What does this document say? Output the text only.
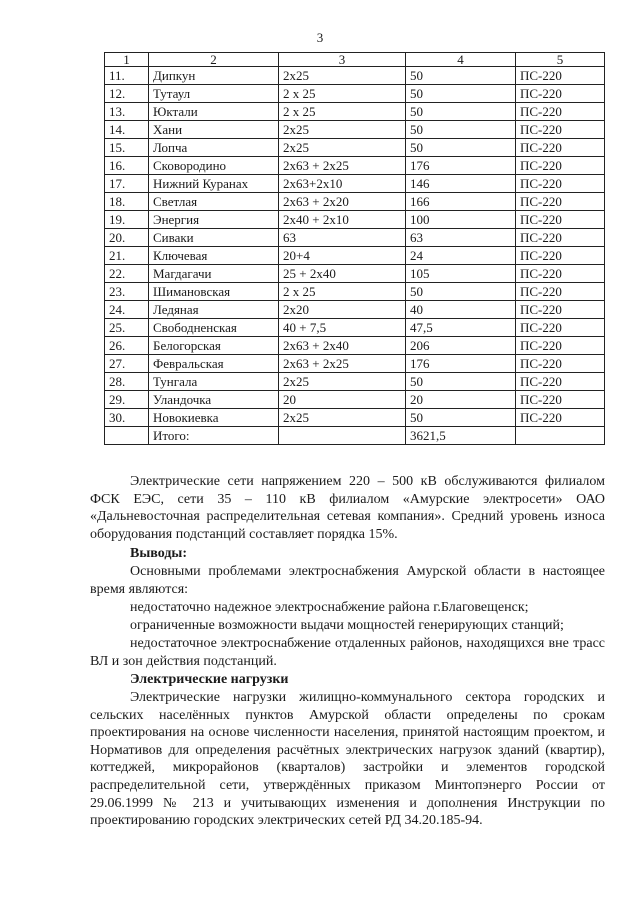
3
1	2	3	4	5
11.	Дипкун	2х25	50	ПС-220
12.	Тутаул	2 х 25	50	ПС-220
13.	Юктали	2 х 25	50	ПС-220
14.	Хани	2х25	50	ПС-220
15.	Лопча	2х25	50	ПС-220
16.	Сковородино	2х63 + 2х25	176	ПС-220
17.	Нижний Куранах	2х63+2х10	146	ПС-220
18.	Светлая	2х63 + 2х20	166	ПС-220
19.	Энергия	2х40 + 2х10	100	ПС-220
20.	Сиваки	63	63	ПС-220
21.	Ключевая	20+4	24	ПС-220
22.	Магдагачи	25 + 2х40	105	ПС-220
23.	Шимановская	2 х 25	50	ПС-220
24.	Ледяная	2х20	40	ПС-220
25.	Свободненская	40 + 7,5	47,5	ПС-220
26.	Белогорская	2х63 + 2х40	206	ПС-220
27.	Февральская	2х63 + 2х25	176	ПС-220
28.	Тунгала	2х25	50	ПС-220
29.	Уландочка	20	20	ПС-220
30.	Новокиевка	2х25	50	ПС-220
	Итого:		3621,5	
Электрические сети напряжением 220 – 500 кВ обслуживаются филиалом ФСК ЕЭС, сети 35 – 110 кВ филиалом «Амурские электросети» ОАО «Дальневосточная распределительная сетевая компания». Средний уровень износа оборудования подстанций составляет порядка 15%.
Выводы:
Основными проблемами электроснабжения Амурской области в настоящее время являются:
недостаточно надежное электроснабжение района г.Благовещенск;
ограниченные возможности выдачи мощностей генерирующих станций;
недостаточное электроснабжение отдаленных районов, находящихся вне трасс ВЛ и зон действия подстанций.
Электрические нагрузки
Электрические нагрузки жилищно-коммунального сектора городских и сельских населённых пунктов Амурской области определены по срокам проектирования на основе численности населения, принятой настоящим проектом, и Нормативов для определения расчётных электрических нагрузок зданий (квартир), коттеджей, микрорайонов (кварталов) застройки и элементов городской распределительной сети, утверждённых приказом Минтопэнерго России от 29.06.1999 № 213 и учитывающих изменения и дополнения Инструкции по проектированию городских электрических сетей РД 34.20.185-94.
